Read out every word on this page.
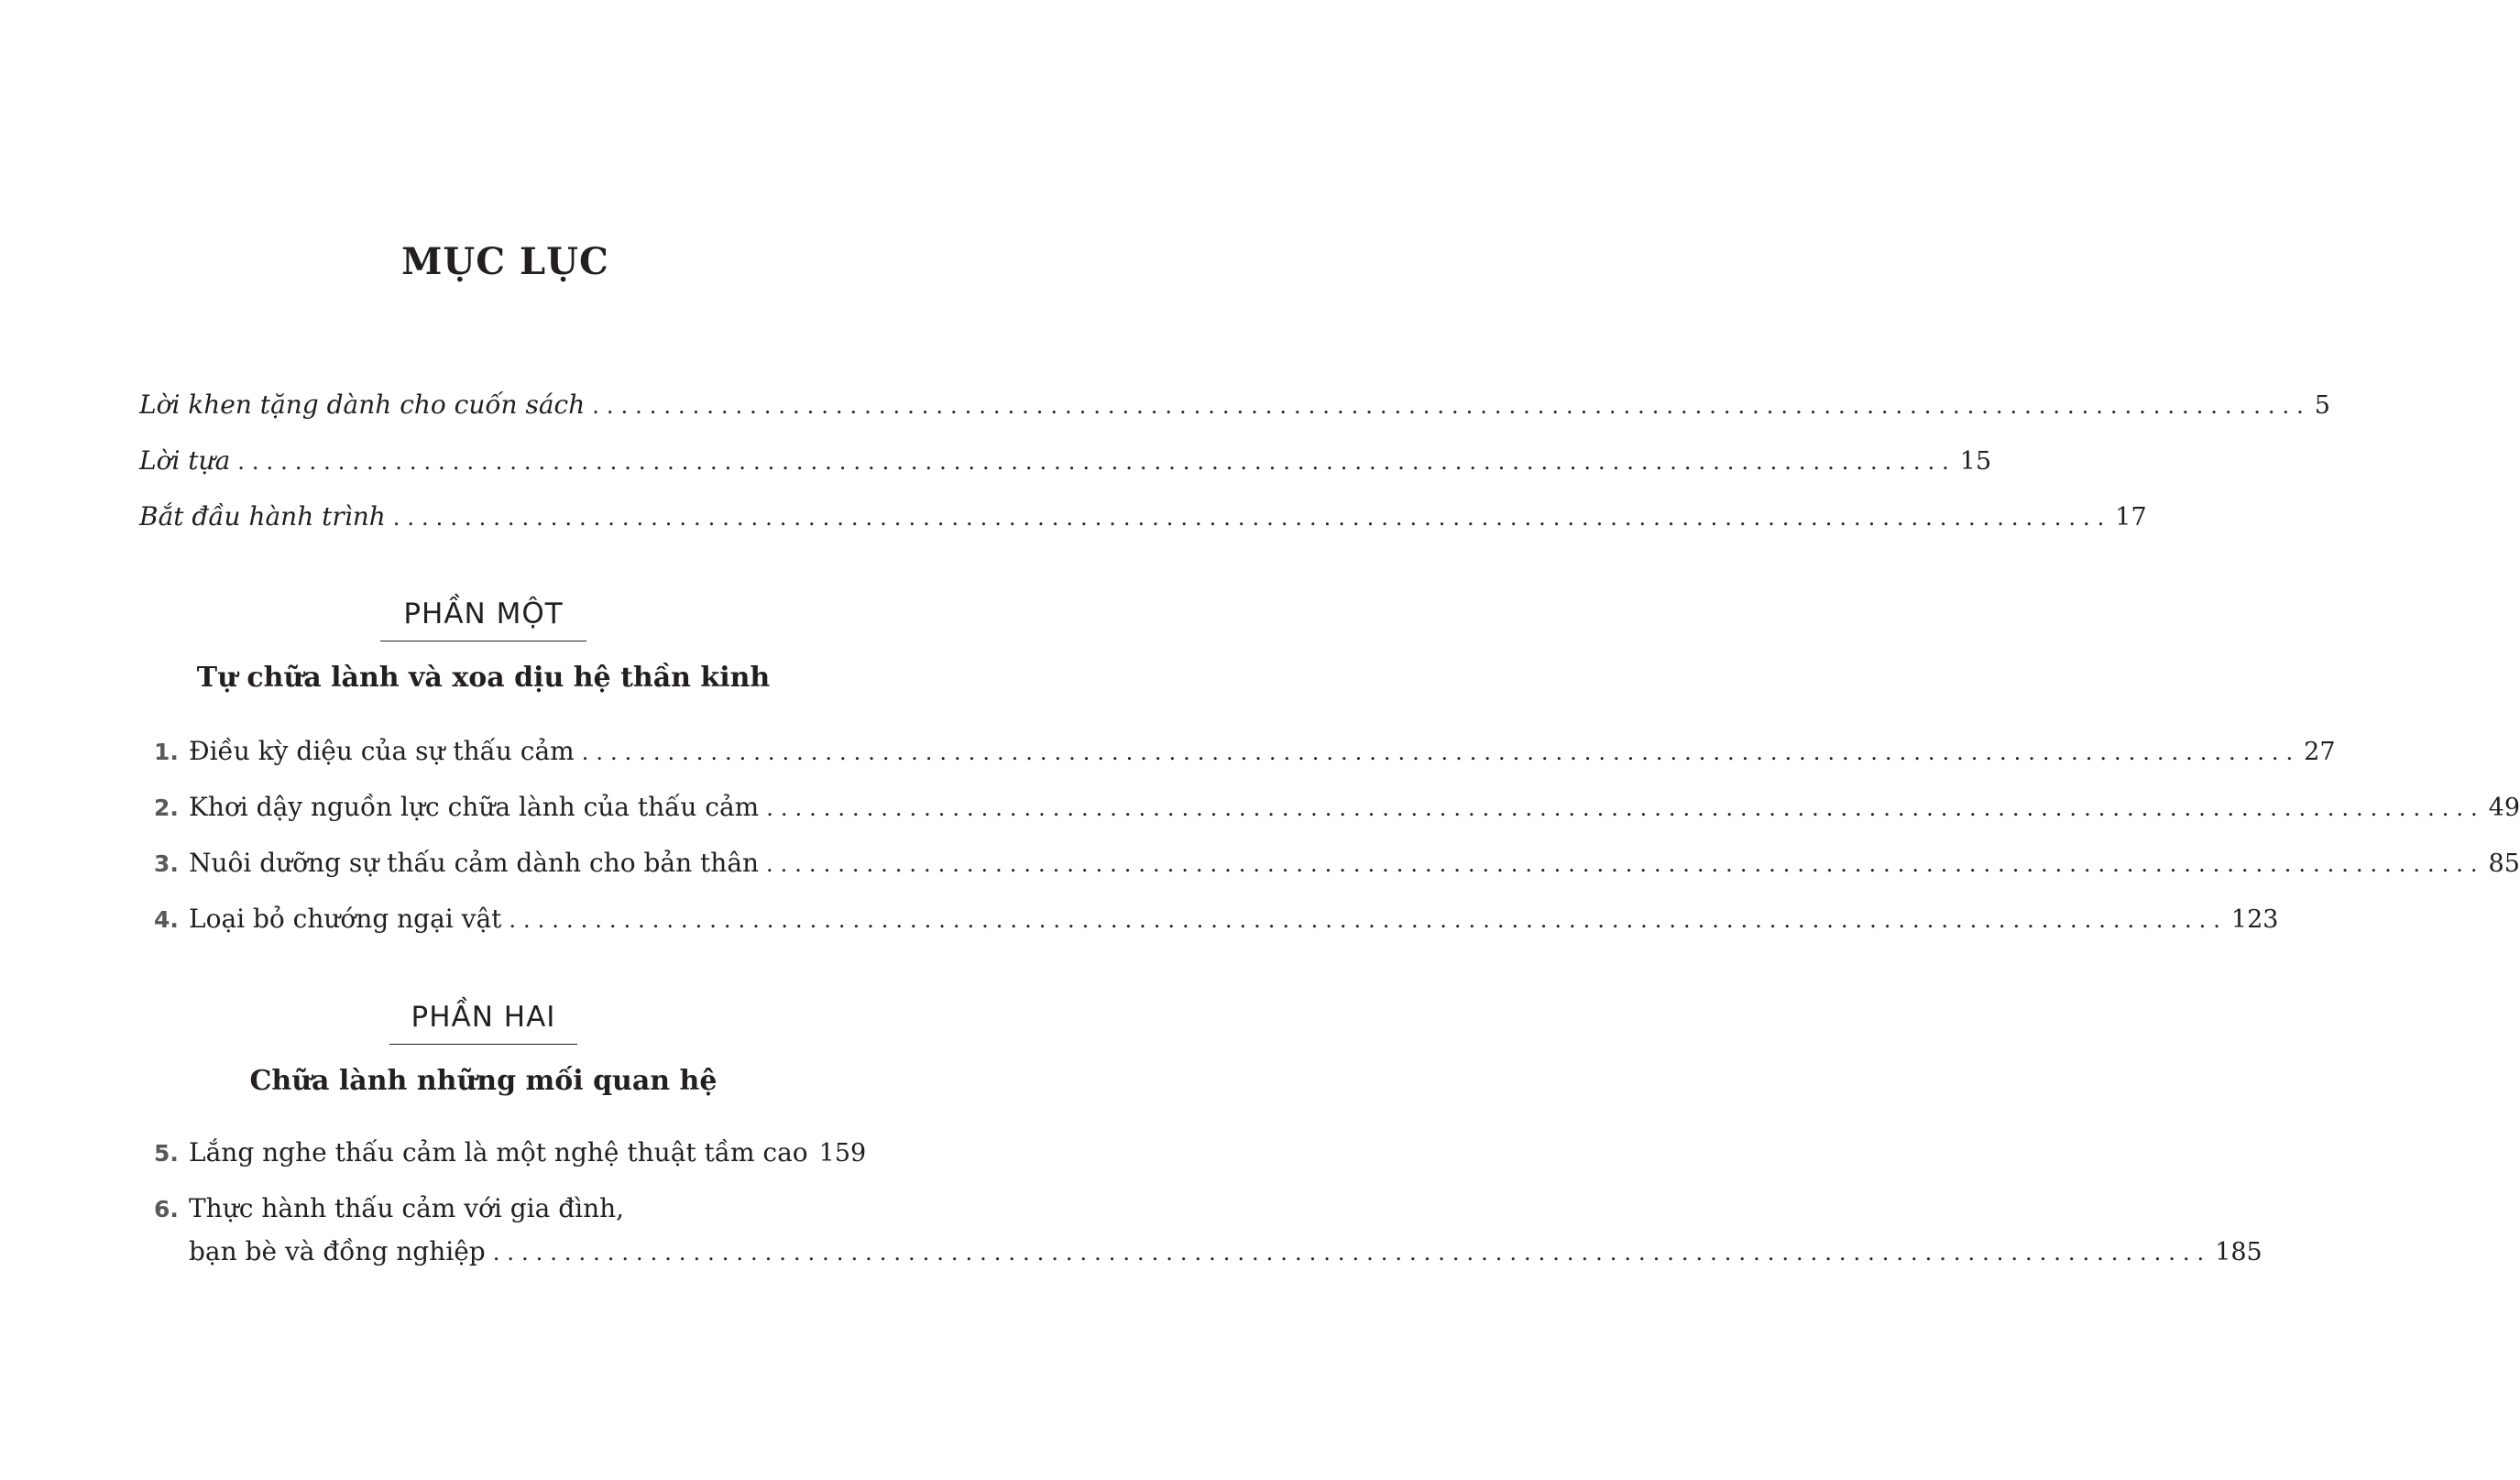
MỤC LỤC
Lời khen tặng dành cho cuốn sách ........................................................................................................................ 5
Lời tựa ........................................................................................................................ 15
Bắt đầu hành trình ........................................................................................................................ 17
PHẦN MỘT
Tự chữa lành và xoa dịu hệ thần kinh
1. Điều kỳ diệu của sự thấu cảm ........................................................................................................................ 27
2. Khơi dậy nguồn lực chữa lành của thấu cảm ........................................................................................................................ 49
3. Nuôi dưỡng sự thấu cảm dành cho bản thân ........................................................................................................................ 85
4. Loại bỏ chướng ngại vật ........................................................................................................................ 123
PHẦN HAI
Chữa lành những mối quan hệ
5. Lắng nghe thấu cảm là một nghệ thuật tầm cao 159
6. Thực hành thấu cảm với gia đình,
bạn bè và đồng nghiệp ........................................................................................................................ 185
